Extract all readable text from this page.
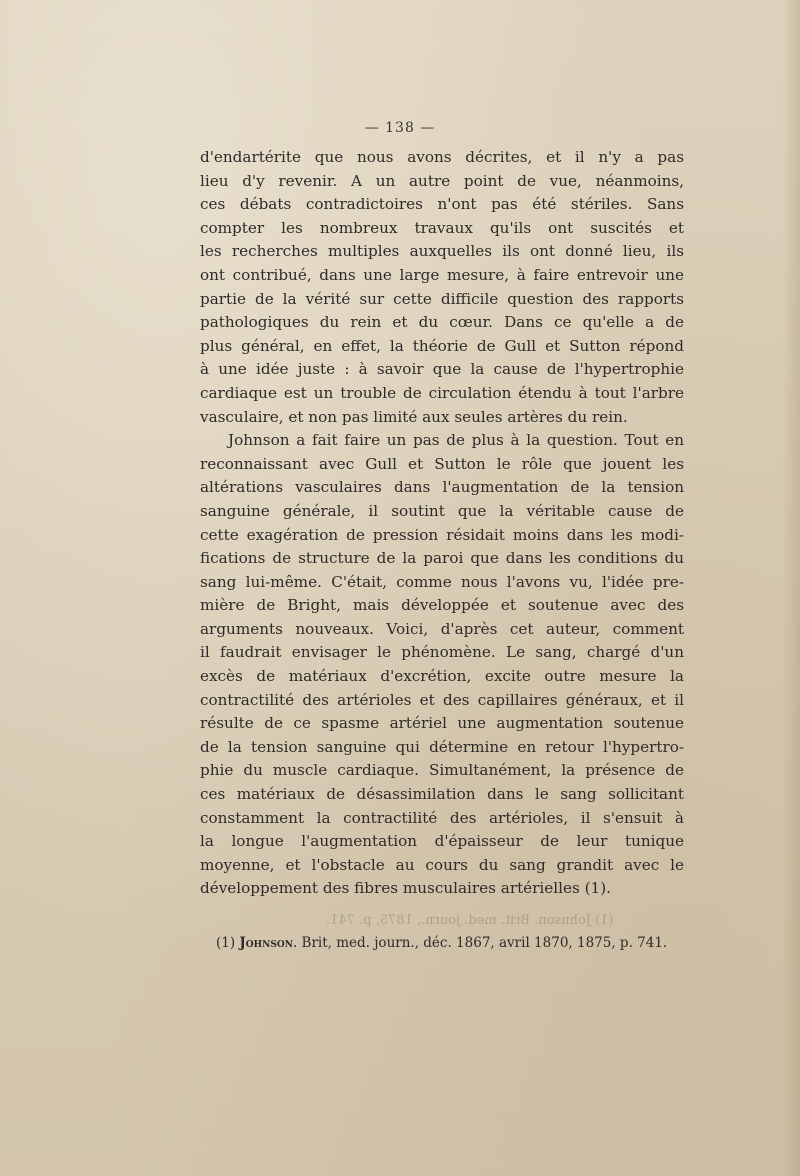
— 138 —
d'endartérite que nous avons décrites, et il n'y a pas
lieu d'y revenir. A un autre point de vue, néanmoins,
ces débats contradictoires n'ont pas été stériles. Sans
compter les nombreux travaux qu'ils ont suscités et
les recherches multiples auxquelles ils ont donné lieu, ils
ont contribué, dans une large mesure, à faire entrevoir une
partie de la vérité sur cette difficile question des rapports
pathologiques du rein et du cœur. Dans ce qu'elle a de
plus général, en effet, la théorie de Gull et Sutton répond
à une idée juste : à savoir que la cause de l'hypertrophie
cardiaque est un trouble de circulation étendu à tout l'arbre
vasculaire, et non pas limité aux seules artères du rein.
Johnson a fait faire un pas de plus à la question. Tout en
reconnaissant avec Gull et Sutton le rôle que jouent les
altérations vasculaires dans l'augmentation de la tension
sanguine générale, il soutint que la véritable cause de
cette exagération de pression résidait moins dans les modi-
fications de structure de la paroi que dans les conditions du
sang lui-même. C'était, comme nous l'avons vu, l'idée pre-
mière de Bright, mais développée et soutenue avec des
arguments nouveaux. Voici, d'après cet auteur, comment
il faudrait envisager le phénomène. Le sang, chargé d'un
excès de matériaux d'excrétion, excite outre mesure la
contractilité des artérioles et des capillaires généraux, et il
résulte de ce spasme artériel une augmentation soutenue
de la tension sanguine qui détermine en retour l'hypertro-
phie du muscle cardiaque. Simultanément, la présence de
ces matériaux de désassimilation dans le sang sollicitant
constamment la contractilité des artérioles, il s'ensuit à
la longue l'augmentation d'épaisseur de leur tunique
moyenne, et l'obstacle au cours du sang grandit avec le
développement des fibres musculaires artérielles (1).
(1) Johnson. Brit. med. journ., 1875, p. 741.
(1) Johnson. Brit, med. journ., déc. 1867, avril 1870, 1875, p. 741.
